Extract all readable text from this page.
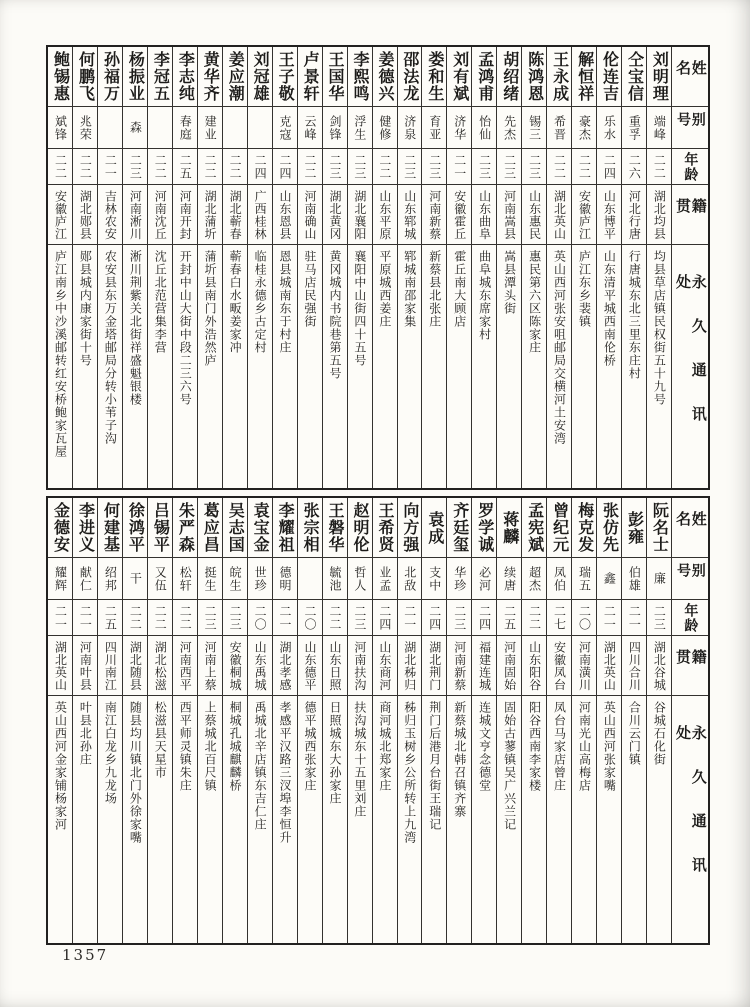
姓名
别号
年龄
籍贯
永久通讯处
刘明理
端峰
二二
湖北均县
均县草店镇民权街五十九号
仝宝信
重孚
二六
河北行唐
行唐城东北三里东庄村
伦连吉
乐水
二四
山东博平
山东清平城西南伦桥
解恒祥
豪杰
二二
安徽庐江
庐江东乡裴镇
王永成
希晋
二二
湖北英山
英山西河张安咀邮局交横河土安湾
陈鸿恩
锡三
二三
山东惠民
惠民第六区陈家庄
胡绍绪
先杰
二三
河南嵩县
嵩县潭头街
孟鸿甫
怡仙
二三
山东曲阜
曲阜城东席家村
刘有斌
济华
二一
安徽霍丘
霍丘南大顾店
娄和生
育亚
二三
河南新蔡
新蔡县北张庄
邵法龙
济泉
二三
山东郓城
郓城南邵家集
姜德兴
健修
二二
山东平原
平原城西姜庄
李熙鸣
浮生
二三
湖北襄阳
襄阳中山街四十五号
王国华
剑锋
二三
湖北黄冈
黄冈城内书院巷第五号
卢景轩
云峰
二二
河南确山
驻马店民强街
王子敬
克寇
二四
山东恩县
恩县城南东于村庄
刘冠雄
二四
广西桂林
临桂永德乡古定村
姜应潮
二二
湖北蕲春
蕲春白水畈姜家冲
黄华齐
建业
二二
湖北蒲圻
蒲圻县南门外浩然庐
李志纯
春庭
二五
河南开封
开封中山大街中段二三六号
李冠五
二二
河南沈丘
沈丘北范营集李营
杨振业
森
二三
河南淅川
淅川荆紫关北街祥盛魁银楼
孙福万
二一
吉林农安
农安县东万金塔邮局分转小苇子沟
何鹏飞
兆荣
二二
湖北郧县
郧县城内康家街十号
鲍锡惠
斌锋
二二
安徽庐江
庐江南乡中沙溪邮转红安桥鲍家瓦屋
姓名
别号
年龄
籍贯
永久通讯处
阮名士
廉
二三
湖北谷城
谷城石化街
彭雍
伯雄
二一
四川合川
合川云门镇
张仿先
鑫
二一
湖北英山
英山西河张家嘴
梅克发
瑞五
二〇
河南潢川
河南光山高梅店
曾纪元
凤伯
二七
安徽凤台
凤台马家店曾庄
孟宪斌
超杰
二二
山东阳谷
阳谷西南李家楼
蒋麟
续唐
二五
河南固始
固始古蓼镇吴广兴兰记
罗学诚
必河
二四
福建连城
连城文亨念德堂
齐廷玺
华珍
二三
河南新蔡
新蔡城北韩召镇齐寨
袁成
支中
二四
湖北荆门
荆门后港月台街王瑞记
向方强
北敌
二一
湖北秭归
秭归玉树乡公所转上九湾
王希贤
业孟
二四
山东商河
商河城北郑家庄
赵明伦
哲人
二三
河南扶沟
扶沟城东十五里刘庄
王磐华
毓池
二二
山东日照
日照城东大孙家庄
张宗相
二〇
山东德平
德平城西张家庄
李耀祖
德明
二一
湖北孝感
孝感平汉路三汊埠李恒升
袁宝金
世珍
二〇
山东禹城
禹城北辛店镇东吉仁庄
吴志国
皖生
二三
安徽桐城
桐城孔城麒麟桥
葛应昌
挺生
二三
河南上蔡
上蔡城北百尺镇
朱严森
松轩
二二
河南西平
西平师灵镇朱庄
吕锡平
又伍
二二
湖北松滋
松滋县天星市
徐鸿平
干
二二
湖北随县
随县均川镇北门外徐家嘴
何建基
绍邦
二五
四川南江
南江白龙乡九龙场
李进义
献仁
二一
河南叶县
叶县北孙庄
金德安
耀辉
二一
湖北英山
英山西河金家铺杨家河
1357
